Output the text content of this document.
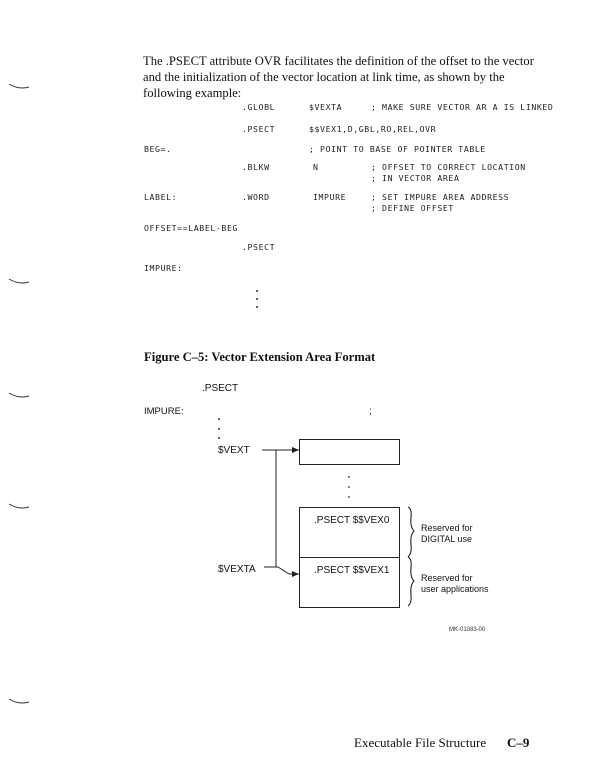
The .PSECT attribute OVR facilitates the definition of the offset to the vector and the initialization of the vector location at link time, as shown by the following example:
.GLOBL	$VEXTA	; MAKE SURE VECTOR AR A IS LINKED
.PSECT	$$VEX1,D,GBL,RO,REL,OVR
BEG=.	; POINT TO BASE OF POINTER TABLE
.BLKW	N	; OFFSET TO CORRECT LOCATION
; IN VECTOR AREA
LABEL:	.WORD	IMPURE	; SET IMPURE AREA ADDRESS
; DEFINE OFFSET
OFFSET==LABEL-BEG
.PSECT
IMPURE:
Figure C–5: Vector Extension Area Format
.PSECT
IMPURE:	;
$VEXT
$VEXTA
.PSECT $$VEX0
.PSECT $$VEX1
Reserved for
DIGITAL use
Reserved for
user applications
MK-01083-00
Executable File Structure C–9
